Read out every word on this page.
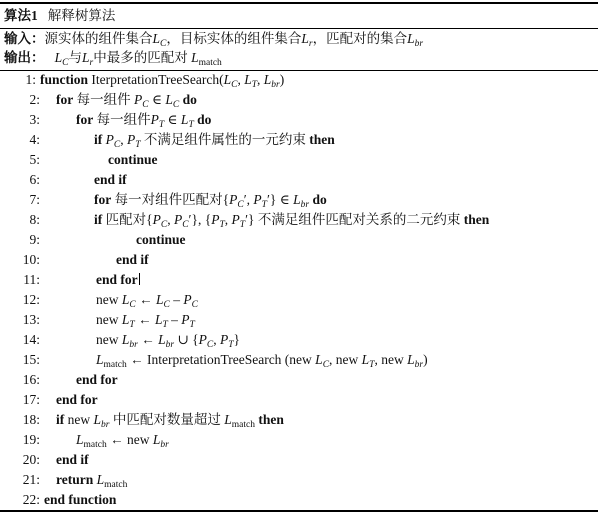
算法1 解释树算法
输入：源实体的组件集合$L_C$，目标实体的组件集合$L_r$，匹配对的集合$L_{br}$
输出： $L_C$与$L_r$中最多的匹配对 $L_{match}$
1: function $IterpretationTreeSearch(L_C$, $L_T$, $L_{br}$)
2: for 每一组件 $P_C$ ∈ $L_C$ do
3:	for 每一组件$P_T$ ∈ $L_T$ do
4:	if $P_C$, $P_T$ 不满足组件属性的一元约束 then
5:	continue
6:	end if
7:	for 每一对组件匹配对{$P_C'$, $P_T'$} ∈ $L_{br}$ do
8:	if 匹配对{$P_C$, $P_C'$}, {$P_T$, $P_T'$} 不满足组件匹配对关系的二元约束 then
9:	continue
10:	end if
11:	end for
12:	new $L_C$ ← $L_C - P_C$
13:	new $L_T$ ← $L_T - P_T$
14:	new $L_{br}$ ← $L_{br}$ ∪ {$P_C$, $P_T$}
15:	$L_{match}$ ← InterpretationTreeSearch (new $L_C$, new $L_T$, new $L_{br}$)
16:	end for
17: end for
18: if new $L_{br}$ 中匹配对数量超过 $L_{match}$ then
19:	$L_{match}$ ← new $L_{br}$
20: end if
21: return $L_{match}$
22: end function
